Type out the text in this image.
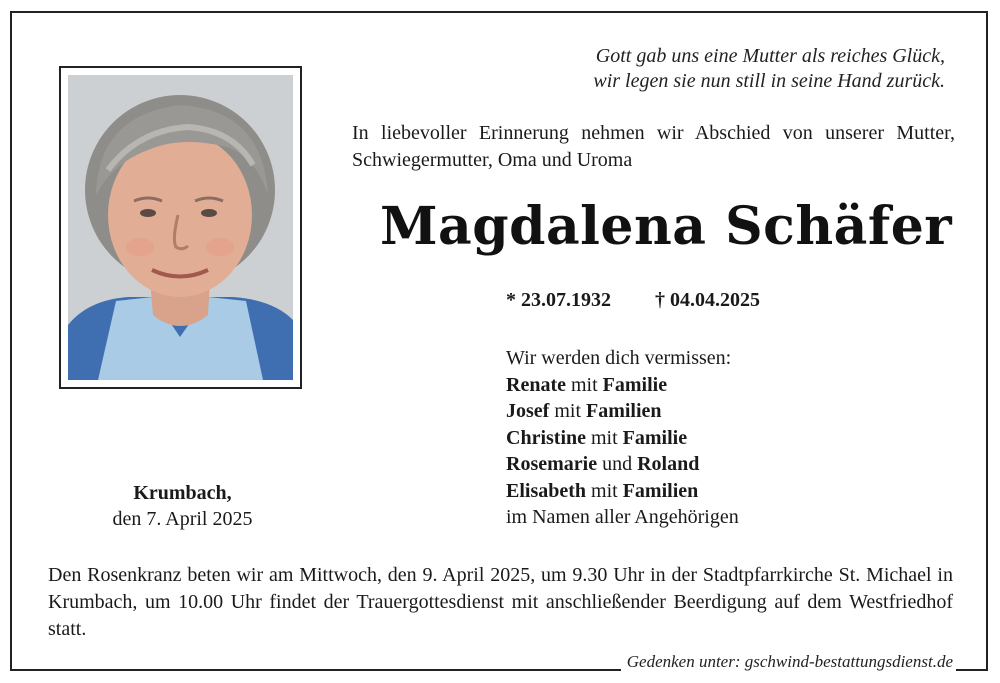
Gott gab uns eine Mutter als reiches Glück,
wir legen sie nun still in seine Hand zurück.
In liebevoller Erinnerung nehmen wir Abschied von unserer Mutter, Schwiegermutter, Oma und Uroma
Magdalena Schäfer
* 23.07.1932 † 04.04.2025
Wir werden dich vermissen:
Renate mit Familie
Josef mit Familien
Christine mit Familie
Rosemarie und Roland
Elisabeth mit Familien
im Namen aller Angehörigen
Krumbach,
den 7. April 2025
Den Rosenkranz beten wir am Mittwoch, den 9. April 2025, um 9.30 Uhr in der Stadtpfarrkirche St. Michael in Krumbach, um 10.00 Uhr findet der Trauergottesdienst mit anschließender Beerdigung auf dem Westfriedhof statt.
Gedenken unter: gschwind-bestattungsdienst.de
